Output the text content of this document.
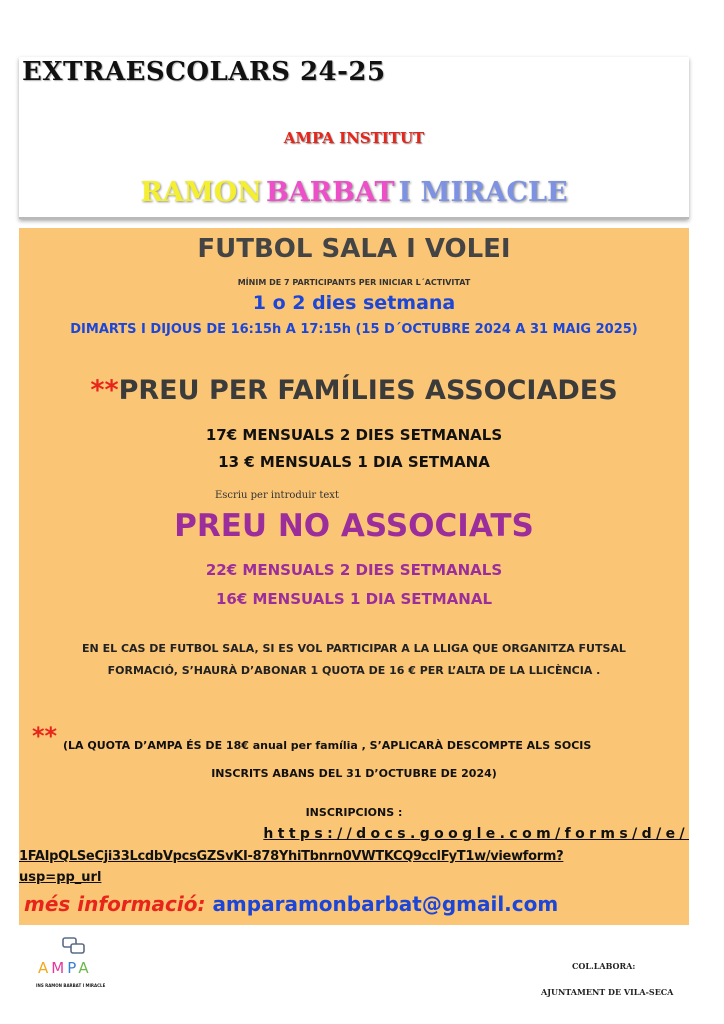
EXTRAESCOLARS 24-25
AMPA INSTITUT
RAMON BARBAT I MIRACLE
FUTBOL SALA I VOLEI
MÍNIM DE 7 PARTICIPANTS PER INICIAR L´ACTIVITAT
1 o 2 dies setmana
DIMARTS I DIJOUS DE 16:15h A 17:15h (15 D´OCTUBRE 2024 A 31 MAIG 2025)
**PREU PER FAMÍLIES ASSOCIADES
17€ MENSUALS 2 DIES SETMANALS
13 € MENSUALS 1 DIA SETMANA
Escriu per introduir text
PREU NO ASSOCIATS
22€ MENSUALS 2 DIES SETMANALS
16€ MENSUALS 1 DIA SETMANAL
EN EL CAS DE FUTBOL SALA, SI ES VOL PARTICIPAR A LA LLIGA QUE ORGANITZA FUTSAL
FORMACIÓ, S’HAURÀ D’ABONAR 1 QUOTA DE 16 € PER L’ALTA DE LA LLICÈNCIA .
** (LA QUOTA D’AMPA ÉS DE 18€ anual per família , S’APLICARÀ DESCOMPTE ALS SOCIS
INSCRITS ABANS DEL 31 D’OCTUBRE DE 2024)
INSCRIPCIONS :
https://docs.google.com/forms/d/e/
1FAIpQLSeCji33LcdbVpcsGZSvKI-878YhiTbnrn0VWTKCQ9cclFyT1w/viewform?
usp=pp_url
més informació: amparamonbarbat@gmail.com
AMPA
INS RAMON BARBAT I MIRACLE
COL.LABORA:
AJUNTAMENT DE VILA-SECA
